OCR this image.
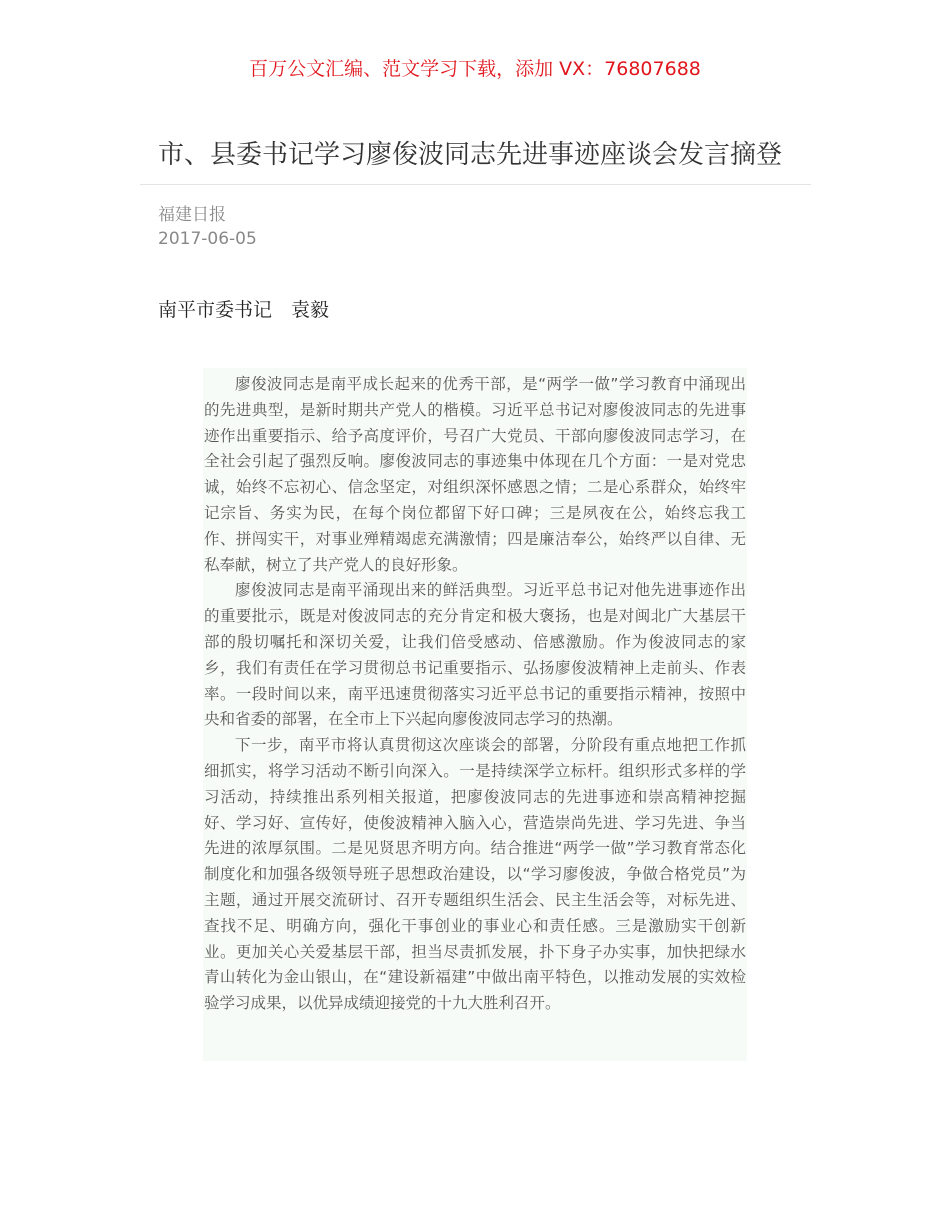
百万公文汇编、范文学习下载，添加 VX：76807688
市、县委书记学习廖俊波同志先进事迹座谈会发言摘登
福建日报
2017-06-05
南平市委书记　袁毅

廖俊波同志是南平成长起来的优秀干部，是“两学一做”学习教育中涌现出的先进典型，是新时期共产党人的楷模。习近平总书记对廖俊波同志的先进事迹作出重要指示、给予高度评价，号召广大党员、干部向廖俊波同志学习，在全社会引起了强烈反响。廖俊波同志的事迹集中体现在几个方面：一是对党忠诚，始终不忘初心、信念坚定，对组织深怀感恩之情；二是心系群众，始终牢记宗旨、务实为民，在每个岗位都留下好口碑；三是夙夜在公，始终忘我工作、拼闯实干，对事业殚精竭虑充满激情；四是廉洁奉公，始终严以自律、无私奉献，树立了共产党人的良好形象。

廖俊波同志是南平涌现出来的鲜活典型。习近平总书记对他先进事迹作出的重要批示，既是对俊波同志的充分肯定和极大褒扬，也是对闽北广大基层干部的殷切嘱托和深切关爱，让我们倍受感动、倍感激励。作为俊波同志的家乡，我们有责任在学习贯彻总书记重要指示、弘扬廖俊波精神上走前头、作表率。一段时间以来，南平迅速贯彻落实习近平总书记的重要指示精神，按照中央和省委的部署，在全市上下兴起向廖俊波同志学习的热潮。

下一步，南平市将认真贯彻这次座谈会的部署，分阶段有重点地把工作抓细抓实，将学习活动不断引向深入。一是持续深学立标杆。组织形式多样的学习活动，持续推出系列相关报道，把廖俊波同志的先进事迹和崇高精神挖掘好、学习好、宣传好，使俊波精神入脑入心，营造崇尚先进、学习先进、争当先进的浓厚氛围。二是见贤思齐明方向。结合推进“两学一做”学习教育常态化制度化和加强各级领导班子思想政治建设，以“学习廖俊波，争做合格党员”为主题，通过开展交流研讨、召开专题组织生活会、民主生活会等，对标先进、查找不足、明确方向，强化干事创业的事业心和责任感。三是激励实干创新业。更加关心关爱基层干部，担当尽责抓发展，扑下身子办实事，加快把绿水青山转化为金山银山，在“建设新福建”中做出南平特色，以推动发展的实效检验学习成果，以优异成绩迎接党的十九大胜利召开。
